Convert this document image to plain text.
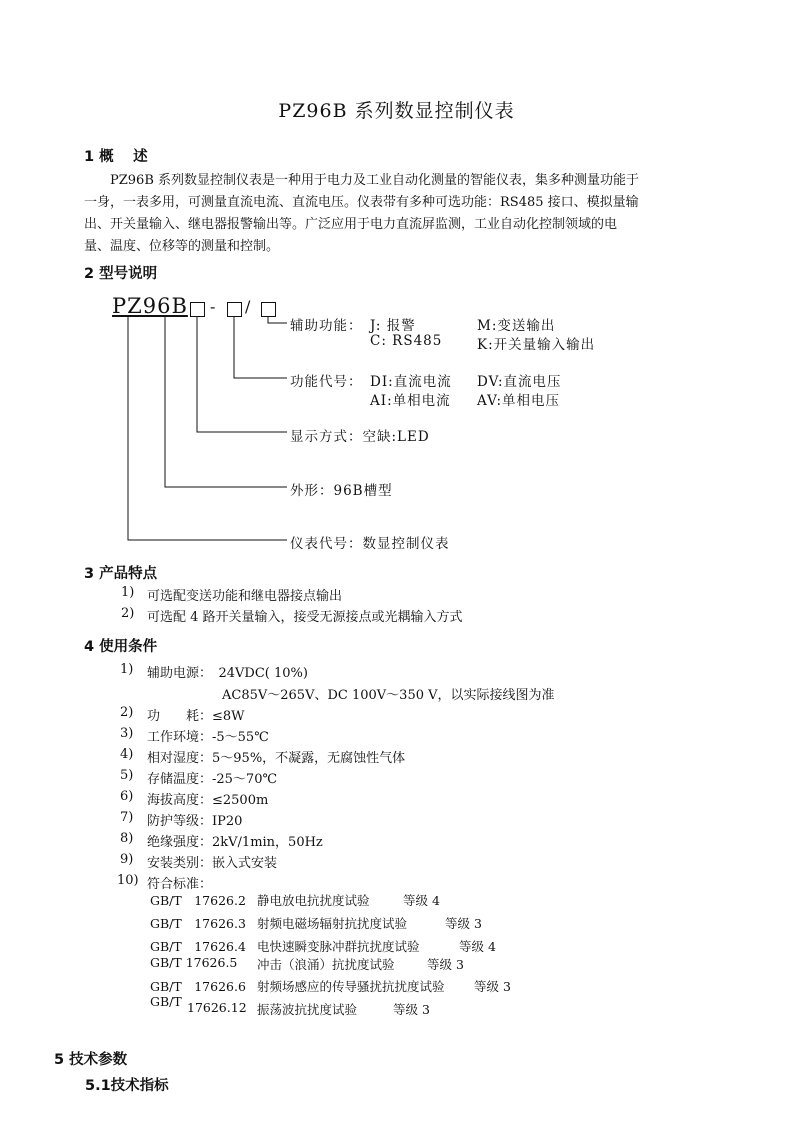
PZ96B 系列数显控制仪表
1 概　 述
PZ96B 系列数显控制仪表是一种用于电力及工业自动化测量的智能仪表，集多种测量功能于
一身，一表多用，可测量直流电流、直流电压。仪表带有多种可选功能：RS485 接口、模拟量输
出、开关量输入、继电器报警输出等。广泛应用于电力直流屏监测，工业自动化控制领域的电
量、温度、位移等的测量和控制。
2 型号说明
PZ96B - /
辅助功能： J: 报警	M:变送输出
C: RS485	K:开关量输入输出
功能代号： DI:直流电流 DV:直流电压
AI:单相电流 AV:单相电压
显示方式：空缺:LED
外形：96B槽型
仪表代号：数显控制仪表
3 产品特点
1) 可选配变送功能和继电器接点输出
2) 可选配 4 路开关量输入，接受无源接点或光耦输入方式
4 使用条件
1) 辅助电源：　24VDC( 10%)
AC85V～265V、DC 100V～350 V，以实际接线图为准
2) 功　　耗：≤8W
3) 工作环境：-5～55℃
4) 相对湿度：5～95%，不凝露，无腐蚀性气体
5) 存储温度：-25～70℃
6) 海拔高度：≤2500m
7) 防护等级：IP20
8) 绝缘强度：2kV/1min，50Hz
9) 安装类别：嵌入式安装
10) 符合标准：
GB/T　17626.2 静电放电抗扰度试验	等级 4
GB/T　17626.3 射频电磁场辐射抗扰度试验	等级 3
GB/T　17626.4 电快速瞬变脉冲群抗扰度试验	等级 4
GB/T 17626.5 冲击（浪涌）抗扰度试验	等级 3
GB/T　17626.6 射频场感应的传导骚扰抗扰度试验 等级 3
GB/T 17626.12 振荡波抗扰度试验	等级 3
5 技术参数
5.1技术指标
